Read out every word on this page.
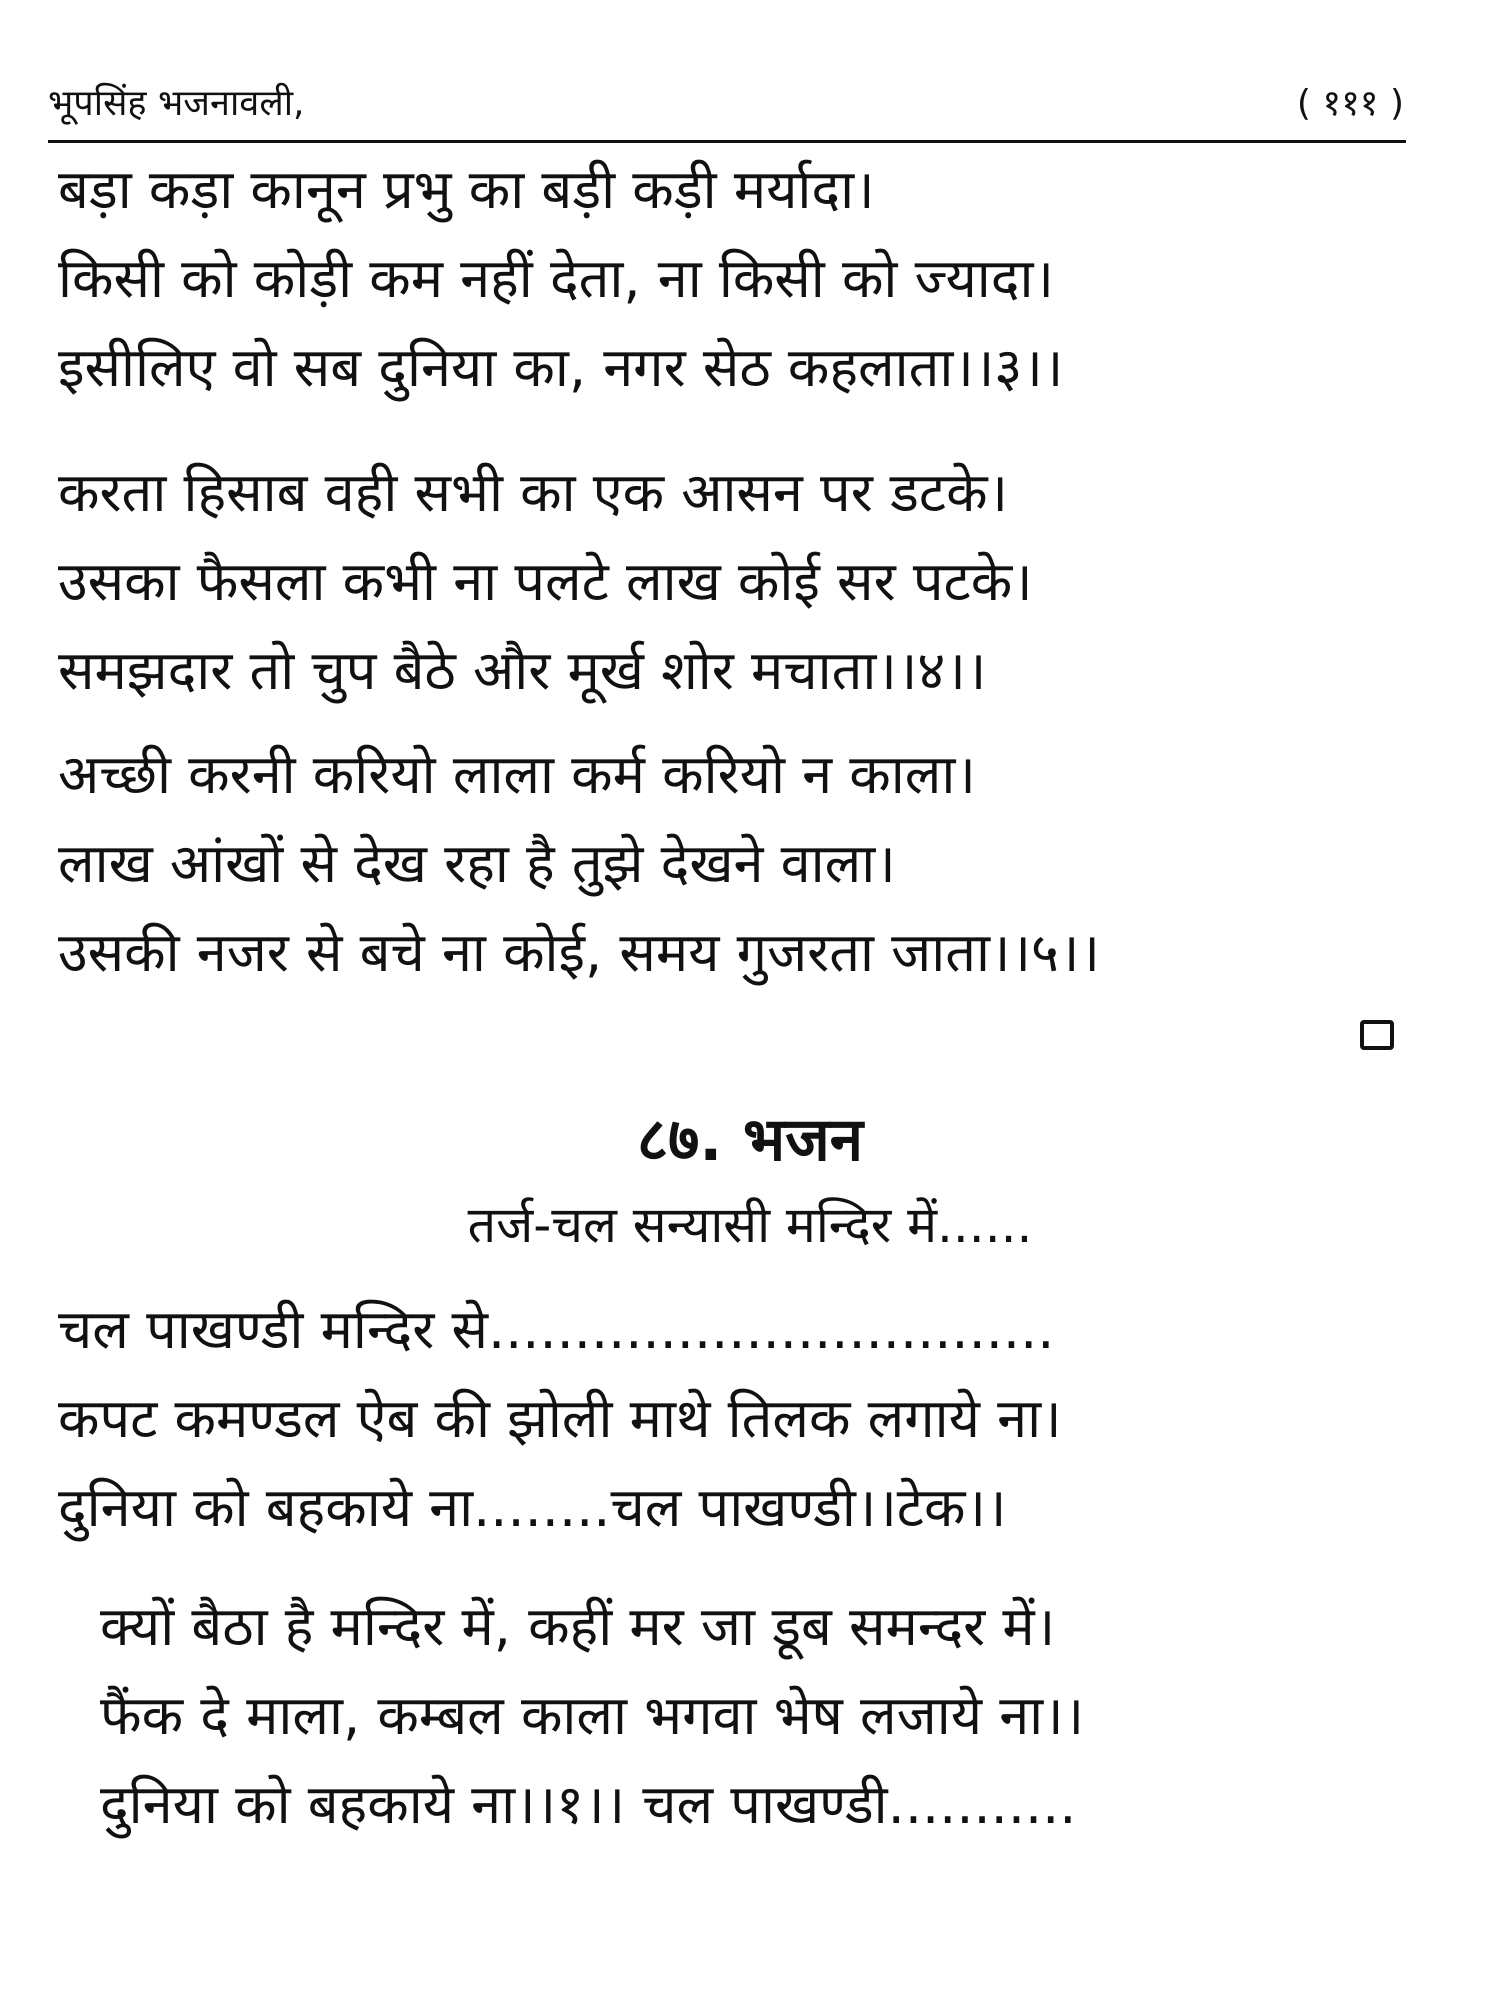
भूपसिंह भजनावली,	( १११ )
बड़ा कड़ा कानून प्रभु का बड़ी कड़ी मर्यादा।
किसी को कोड़ी कम नहीं देता, ना किसी को ज्यादा।
इसीलिए वो सब दुनिया का, नगर सेठ कहलाता।।३।।
करता हिसाब वही सभी का एक आसन पर डटके।
उसका फैसला कभी ना पलटे लाख कोई सर पटके।
समझदार तो चुप बैठे और मूर्ख शोर मचाता।।४।।
अच्छी करनी करियो लाला कर्म करियो न काला।
लाख आंखों से देख रहा है तुझे देखने वाला।
उसकी नजर से बचे ना कोई, समय गुजरता जाता।।५।।
८७. भजन
तर्ज-चल सन्यासी मन्दिर में......
चल पाखण्डी मन्दिर से.................................
कपट कमण्डल ऐब की झोली माथे तिलक लगाये ना।
दुनिया को बहकाये ना........चल पाखण्डी।।टेक।।
क्यों बैठा है मन्दिर में, कहीं मर जा डूब समन्दर में।
फैंक दे माला, कम्बल काला भगवा भेष लजाये ना।।
दुनिया को बहकाये ना।।१।। चल पाखण्डी...........
